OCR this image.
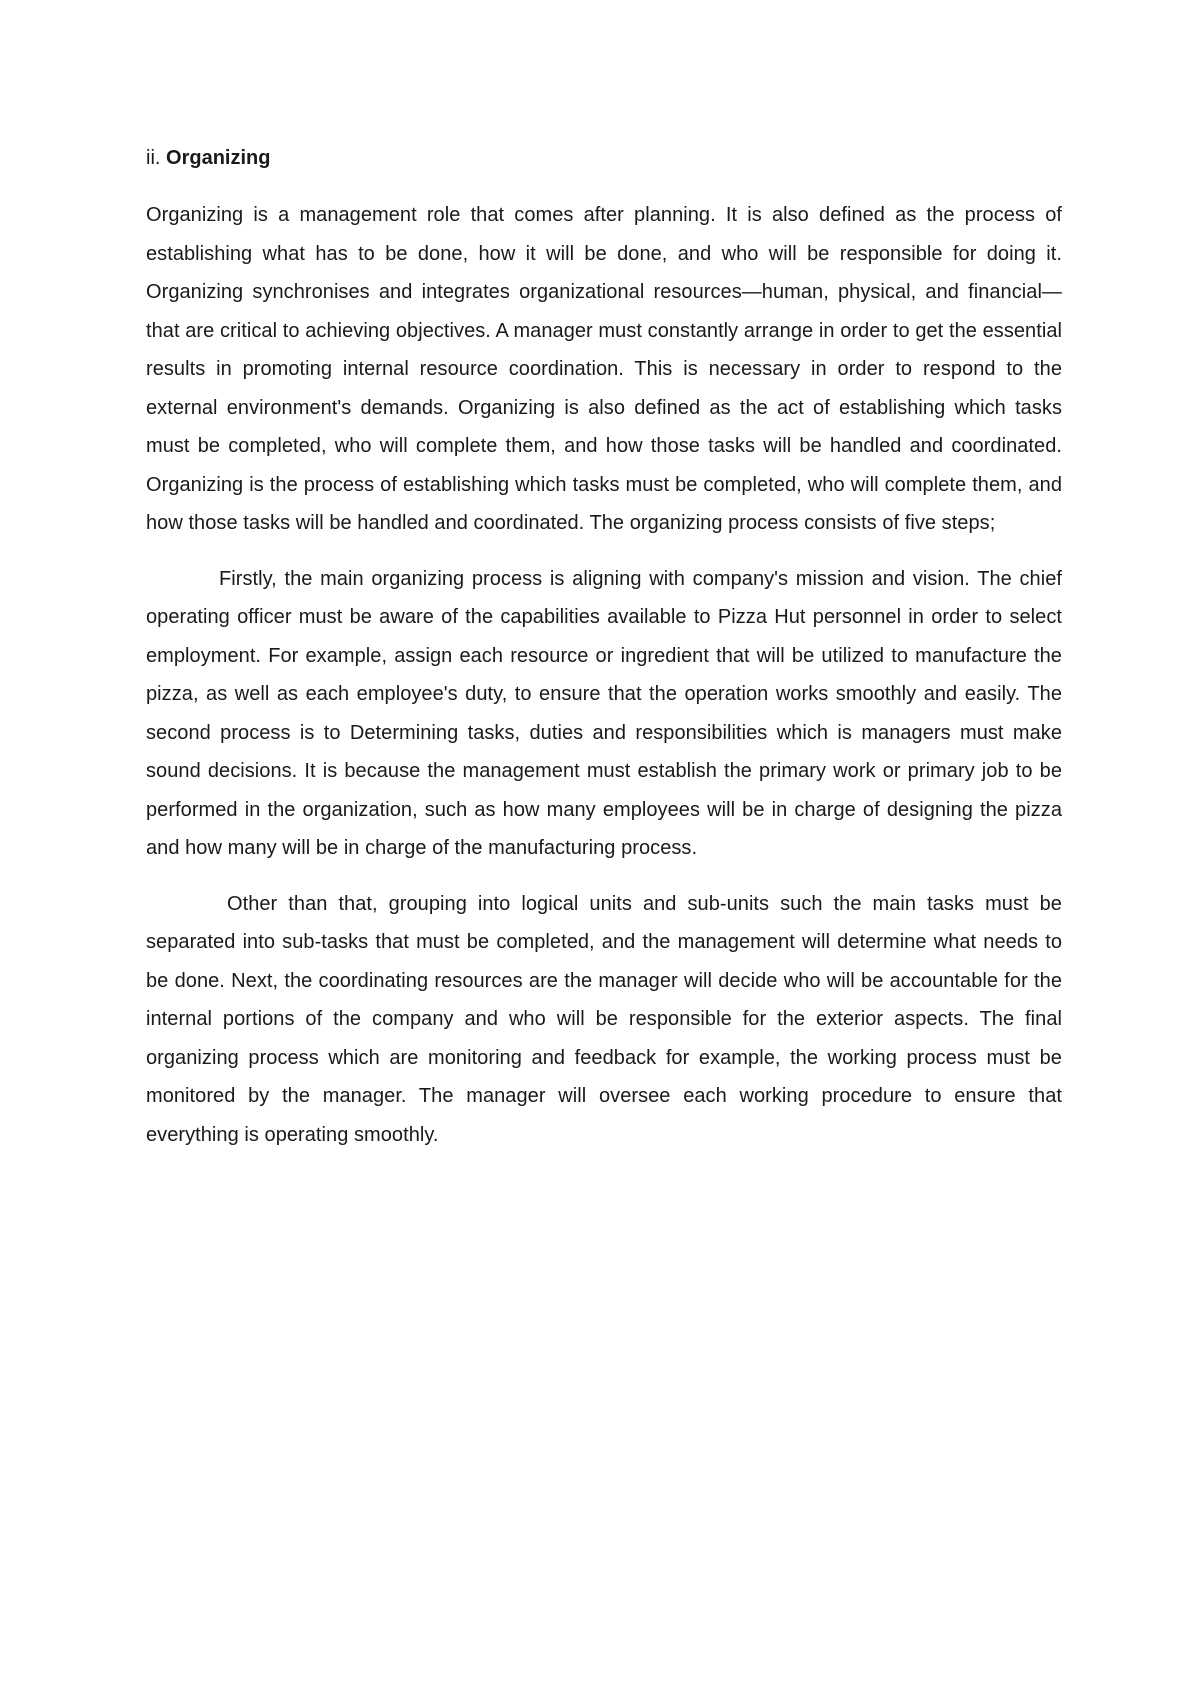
ii. Organizing

Organizing is a management role that comes after planning. It is also defined as the process of establishing what has to be done, how it will be done, and who will be responsible for doing it. Organizing synchronises and integrates organizational resources—human, physical, and financial—that are critical to achieving objectives. A manager must constantly arrange in order to get the essential results in promoting internal resource coordination. This is necessary in order to respond to the external environment's demands. Organizing is also defined as the act of establishing which tasks must be completed, who will complete them, and how those tasks will be handled and coordinated. Organizing is the process of establishing which tasks must be completed, who will complete them, and how those tasks will be handled and coordinated. The organizing process consists of five steps;

Firstly, the main organizing process is aligning with company's mission and vision. The chief operating officer must be aware of the capabilities available to Pizza Hut personnel in order to select employment. For example, assign each resource or ingredient that will be utilized to manufacture the pizza, as well as each employee's duty, to ensure that the operation works smoothly and easily. The second process is to Determining tasks, duties and responsibilities which is managers must make sound decisions. It is because the management must establish the primary work or primary job to be performed in the organization, such as how many employees will be in charge of designing the pizza and how many will be in charge of the manufacturing process.

Other than that, grouping into logical units and sub-units such the main tasks must be separated into sub-tasks that must be completed, and the management will determine what needs to be done. Next, the coordinating resources are the manager will decide who will be accountable for the internal portions of the company and who will be responsible for the exterior aspects. The final organizing process which are monitoring and feedback for example, the working process must be monitored by the manager. The manager will oversee each working procedure to ensure that everything is operating smoothly.
